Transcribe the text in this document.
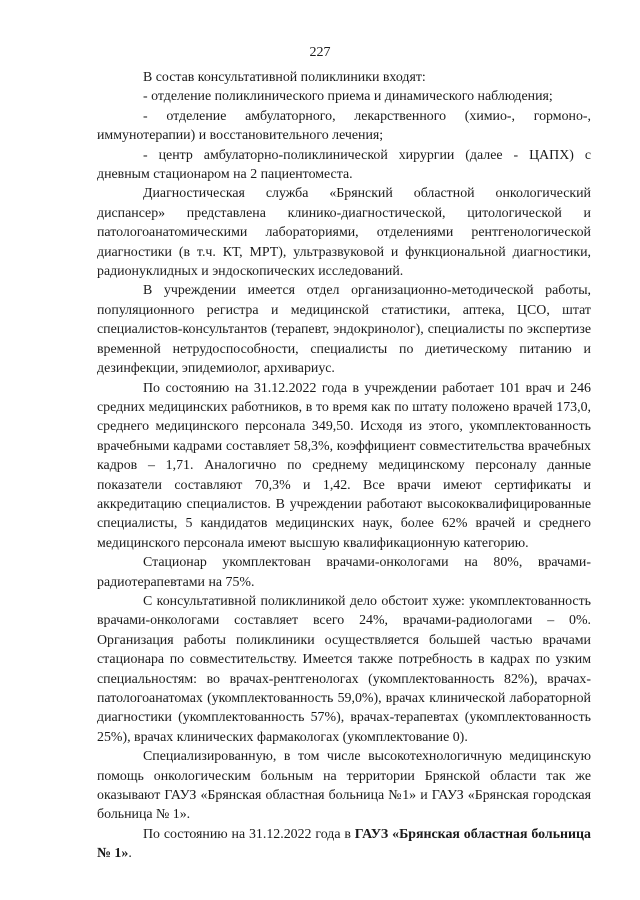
227

В состав консультативной поликлиники входят:

- отделение поликлинического приема и динамического наблюдения;

- отделение амбулаторного, лекарственного (химио-, гормоно-, иммунотерапии) и восстановительного лечения;

- центр амбулаторно-поликлинической хирургии (далее - ЦАПХ) с дневным стационаром на 2 пациентоместа.

Диагностическая служба «Брянский областной онкологический диспансер» представлена клинико-диагностической, цитологической и патологоанатомическими лабораториями, отделениями рентгенологической диагностики (в т.ч. КТ, МРТ), ультразвуковой и функциональной диагностики, радионуклидных и эндоскопических исследований.

В учреждении имеется отдел организационно-методической работы, популяционного регистра и медицинской статистики, аптека, ЦСО, штат специалистов-консультантов (терапевт, эндокринолог), специалисты по экспертизе временной нетрудоспособности, специалисты по диетическому питанию и дезинфекции, эпидемиолог, архивариус.

По состоянию на 31.12.2022 года в учреждении работает 101 врач и 246 средних медицинских работников, в то время как по штату положено врачей 173,0, среднего медицинского персонала 349,50. Исходя из этого, укомплектованность врачебными кадрами составляет 58,3%, коэффициент совместительства врачебных кадров – 1,71. Аналогично по среднему медицинскому персоналу данные показатели составляют 70,3% и 1,42. Все врачи имеют сертификаты и аккредитацию специалистов. В учреждении работают высококвалифицированные специалисты, 5 кандидатов медицинских наук, более 62% врачей и среднего медицинского персонала имеют высшую квалификационную категорию.

Стационар укомплектован врачами-онкологами на 80%, врачами-радиотерапевтами на 75%.

С консультативной поликлиникой дело обстоит хуже: укомплектованность врачами-онкологами составляет всего 24%, врачами-радиологами – 0%. Организация работы поликлиники осуществляется большей частью врачами стационара по совместительству. Имеется также потребность в кадрах по узким специальностям: во врачах-рентгенологах (укомплектованность 82%), врачах-патологоанатомах (укомплектованность 59,0%), врачах клинической лабораторной диагностики (укомплектованность 57%), врачах-терапевтах (укомплектованность 25%), врачах клинических фармакологах (укомплектование 0).

Специализированную, в том числе высокотехнологичную медицинскую помощь онкологическим больным на территории Брянской области так же оказывают ГАУЗ «Брянская областная больница №1» и ГАУЗ «Брянская городская больница № 1».

По состоянию на 31.12.2022 года в ГАУЗ «Брянская областная больница № 1».
